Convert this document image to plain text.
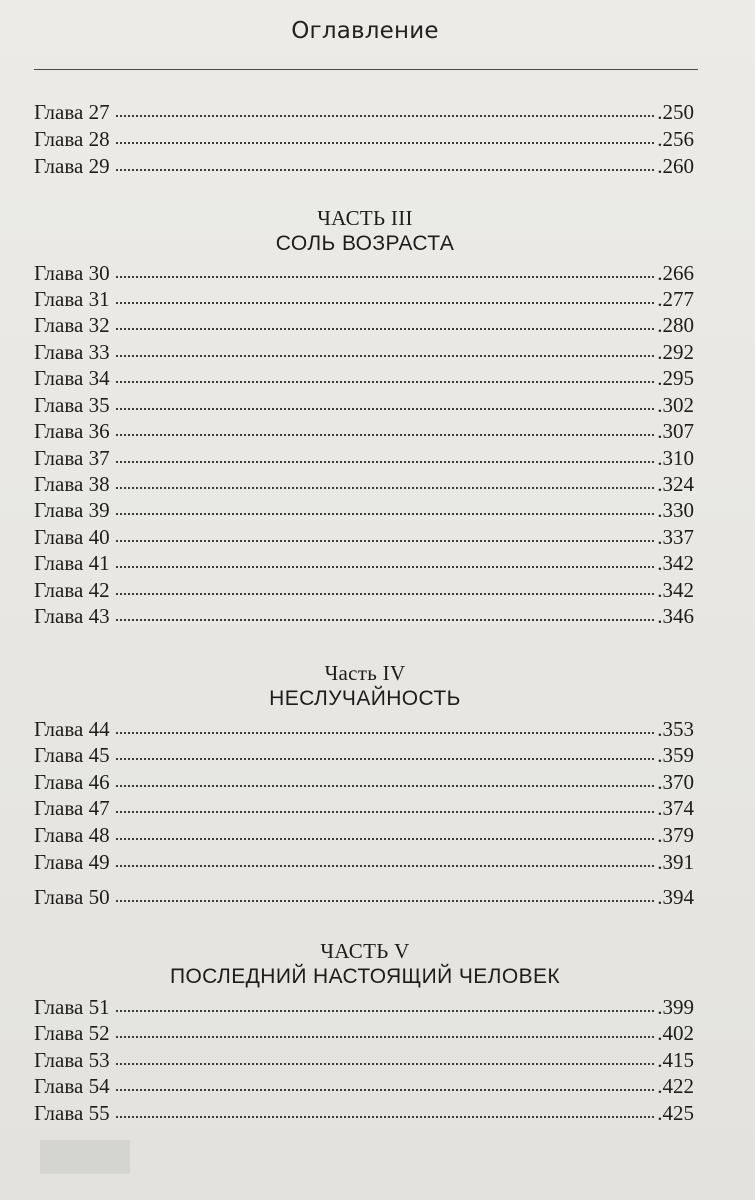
Оглавление
Глава 27	.250
Глава 28	.256
Глава 29	.260
ЧАСТЬ III
СОЛЬ ВОЗРАСТА
Глава 30	.266
Глава 31	.277
Глава 32	.280
Глава 33	.292
Глава 34	.295
Глава 35	.302
Глава 36	.307
Глава 37	.310
Глава 38	.324
Глава 39	.330
Глава 40	.337
Глава 41	.342
Глава 42	.342
Глава 43	.346
Часть IV
НЕСЛУЧАЙНОСТЬ
Глава 44	.353
Глава 45	.359
Глава 46	.370
Глава 47	.374
Глава 48	.379
Глава 49	.391
Глава 50	.394
ЧАСТЬ V
ПОСЛЕДНИЙ НАСТОЯЩИЙ ЧЕЛОВЕК
Глава 51	.399
Глава 52	.402
Глава 53	.415
Глава 54	.422
Глава 55	.425
